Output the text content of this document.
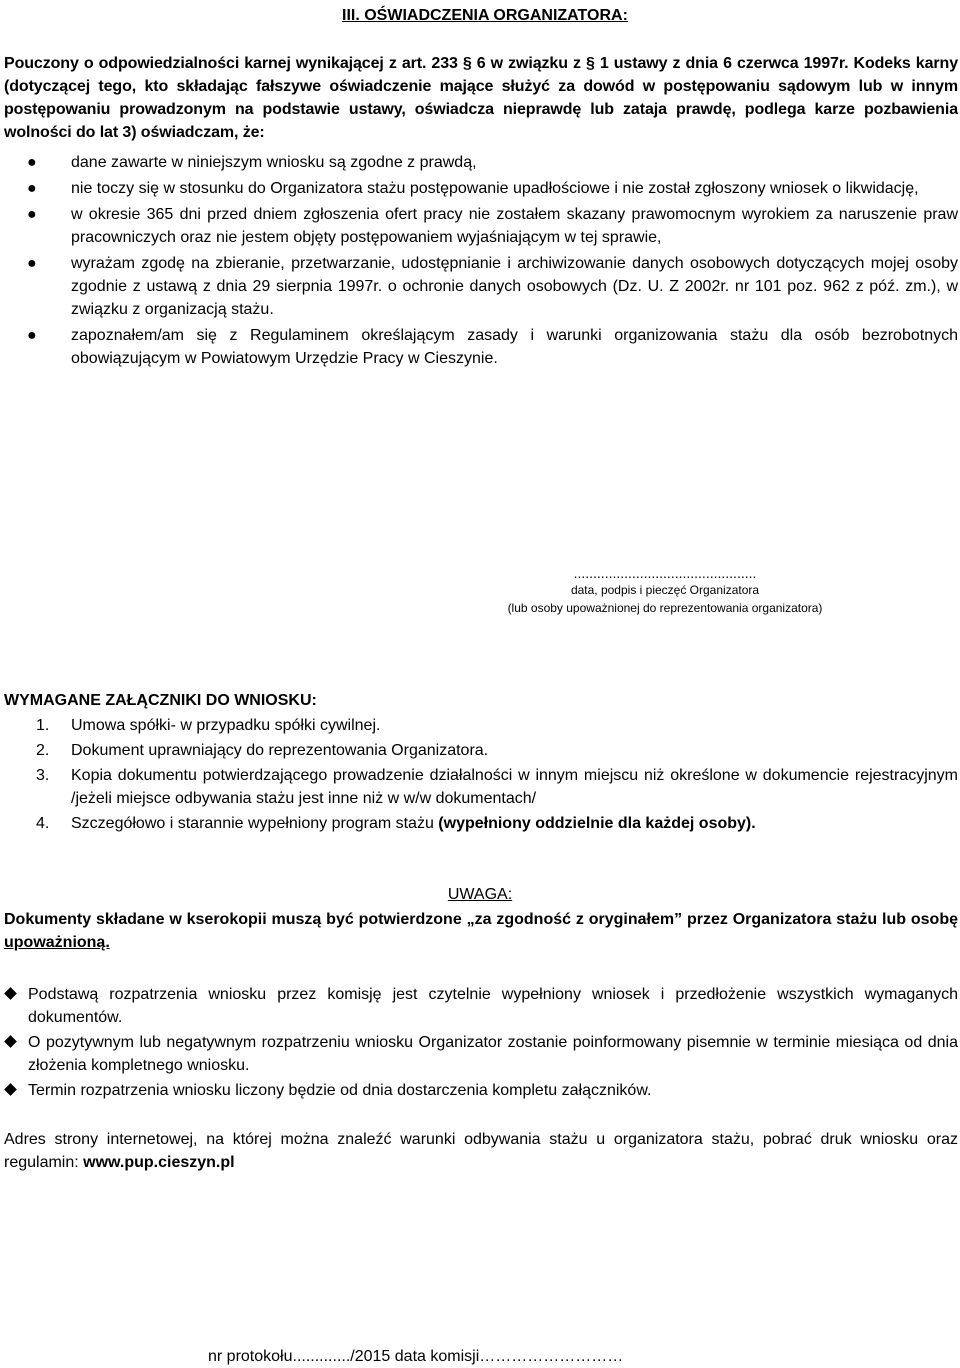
III. OŚWIADCZENIA ORGANIZATORA:

Pouczony o odpowiedzialności karnej wynikającej z art. 233 § 6 w związku z § 1 ustawy z dnia 6 czerwca 1997r. Kodeks karny (dotyczącej tego, kto składając fałszywe oświadczenie mające służyć za dowód w postępowaniu sądowym lub w innym postępowaniu prowadzonym na podstawie ustawy, oświadcza nieprawdę lub zataja prawdę, podlega karze pozbawienia wolności do lat 3) oświadczam, że:

● dane zawarte w niniejszym wniosku są zgodne z prawdą,
● nie toczy się w stosunku do Organizatora stażu postępowanie upadłościowe i nie został zgłoszony wniosek o likwidację,
● w okresie 365 dni przed dniem zgłoszenia ofert pracy nie zostałem skazany prawomocnym wyrokiem za naruszenie praw pracowniczych oraz nie jestem objęty postępowaniem wyjaśniającym w tej sprawie,
● wyrażam zgodę na zbieranie, przetwarzanie, udostępnianie i archiwizowanie danych osobowych dotyczących mojej osoby zgodnie z ustawą z dnia 29 sierpnia 1997r. o ochronie danych osobowych (Dz. U. Z 2002r. nr 101 poz. 962 z póź. zm.), w związku z organizacją stażu.
● zapoznałem/am się z Regulaminem określającym zasady i warunki organizowania stażu dla osób bezrobotnych obowiązującym w Powiatowym Urzędzie Pracy w Cieszynie.
...............................................
data, podpis i pieczęć Organizatora
(lub osoby upoważnionej do reprezentowania organizatora)

WYMAGANE ZAŁĄCZNIKI DO WNIOSKU:

1. Umowa spółki- w przypadku spółki cywilnej.
2. Dokument uprawniający do reprezentowania Organizatora.
3. Kopia dokumentu potwierdzającego prowadzenie działalności w innym miejscu niż określone w dokumencie rejestracyjnym /jeżeli miejsce odbywania stażu jest inne niż w w/w dokumentach/
4. Szczegółowo i starannie wypełniony program stażu (wypełniony oddzielnie dla każdej osoby).
UWAGA:

Dokumenty składane w kserokopii muszą być potwierdzone „za zgodność z oryginałem” przez Organizatora stażu lub osobę upoważnioną.

Podstawą rozpatrzenia wniosku przez komisję jest czytelnie wypełniony wniosek i przedłożenie wszystkich wymaganych dokumentów.
O pozytywnym lub negatywnym rozpatrzeniu wniosku Organizator zostanie poinformowany pisemnie w terminie miesiąca od dnia złożenia kompletnego wniosku.
Termin rozpatrzenia wniosku liczony będzie od dnia dostarczenia kompletu załączników.

Adres strony internetowej, na której można znaleźć warunki odbywania stażu u organizatora stażu, pobrać druk wniosku oraz regulamin: www.pup.cieszyn.pl

nr protokołu............./2015 data komisji………………………
